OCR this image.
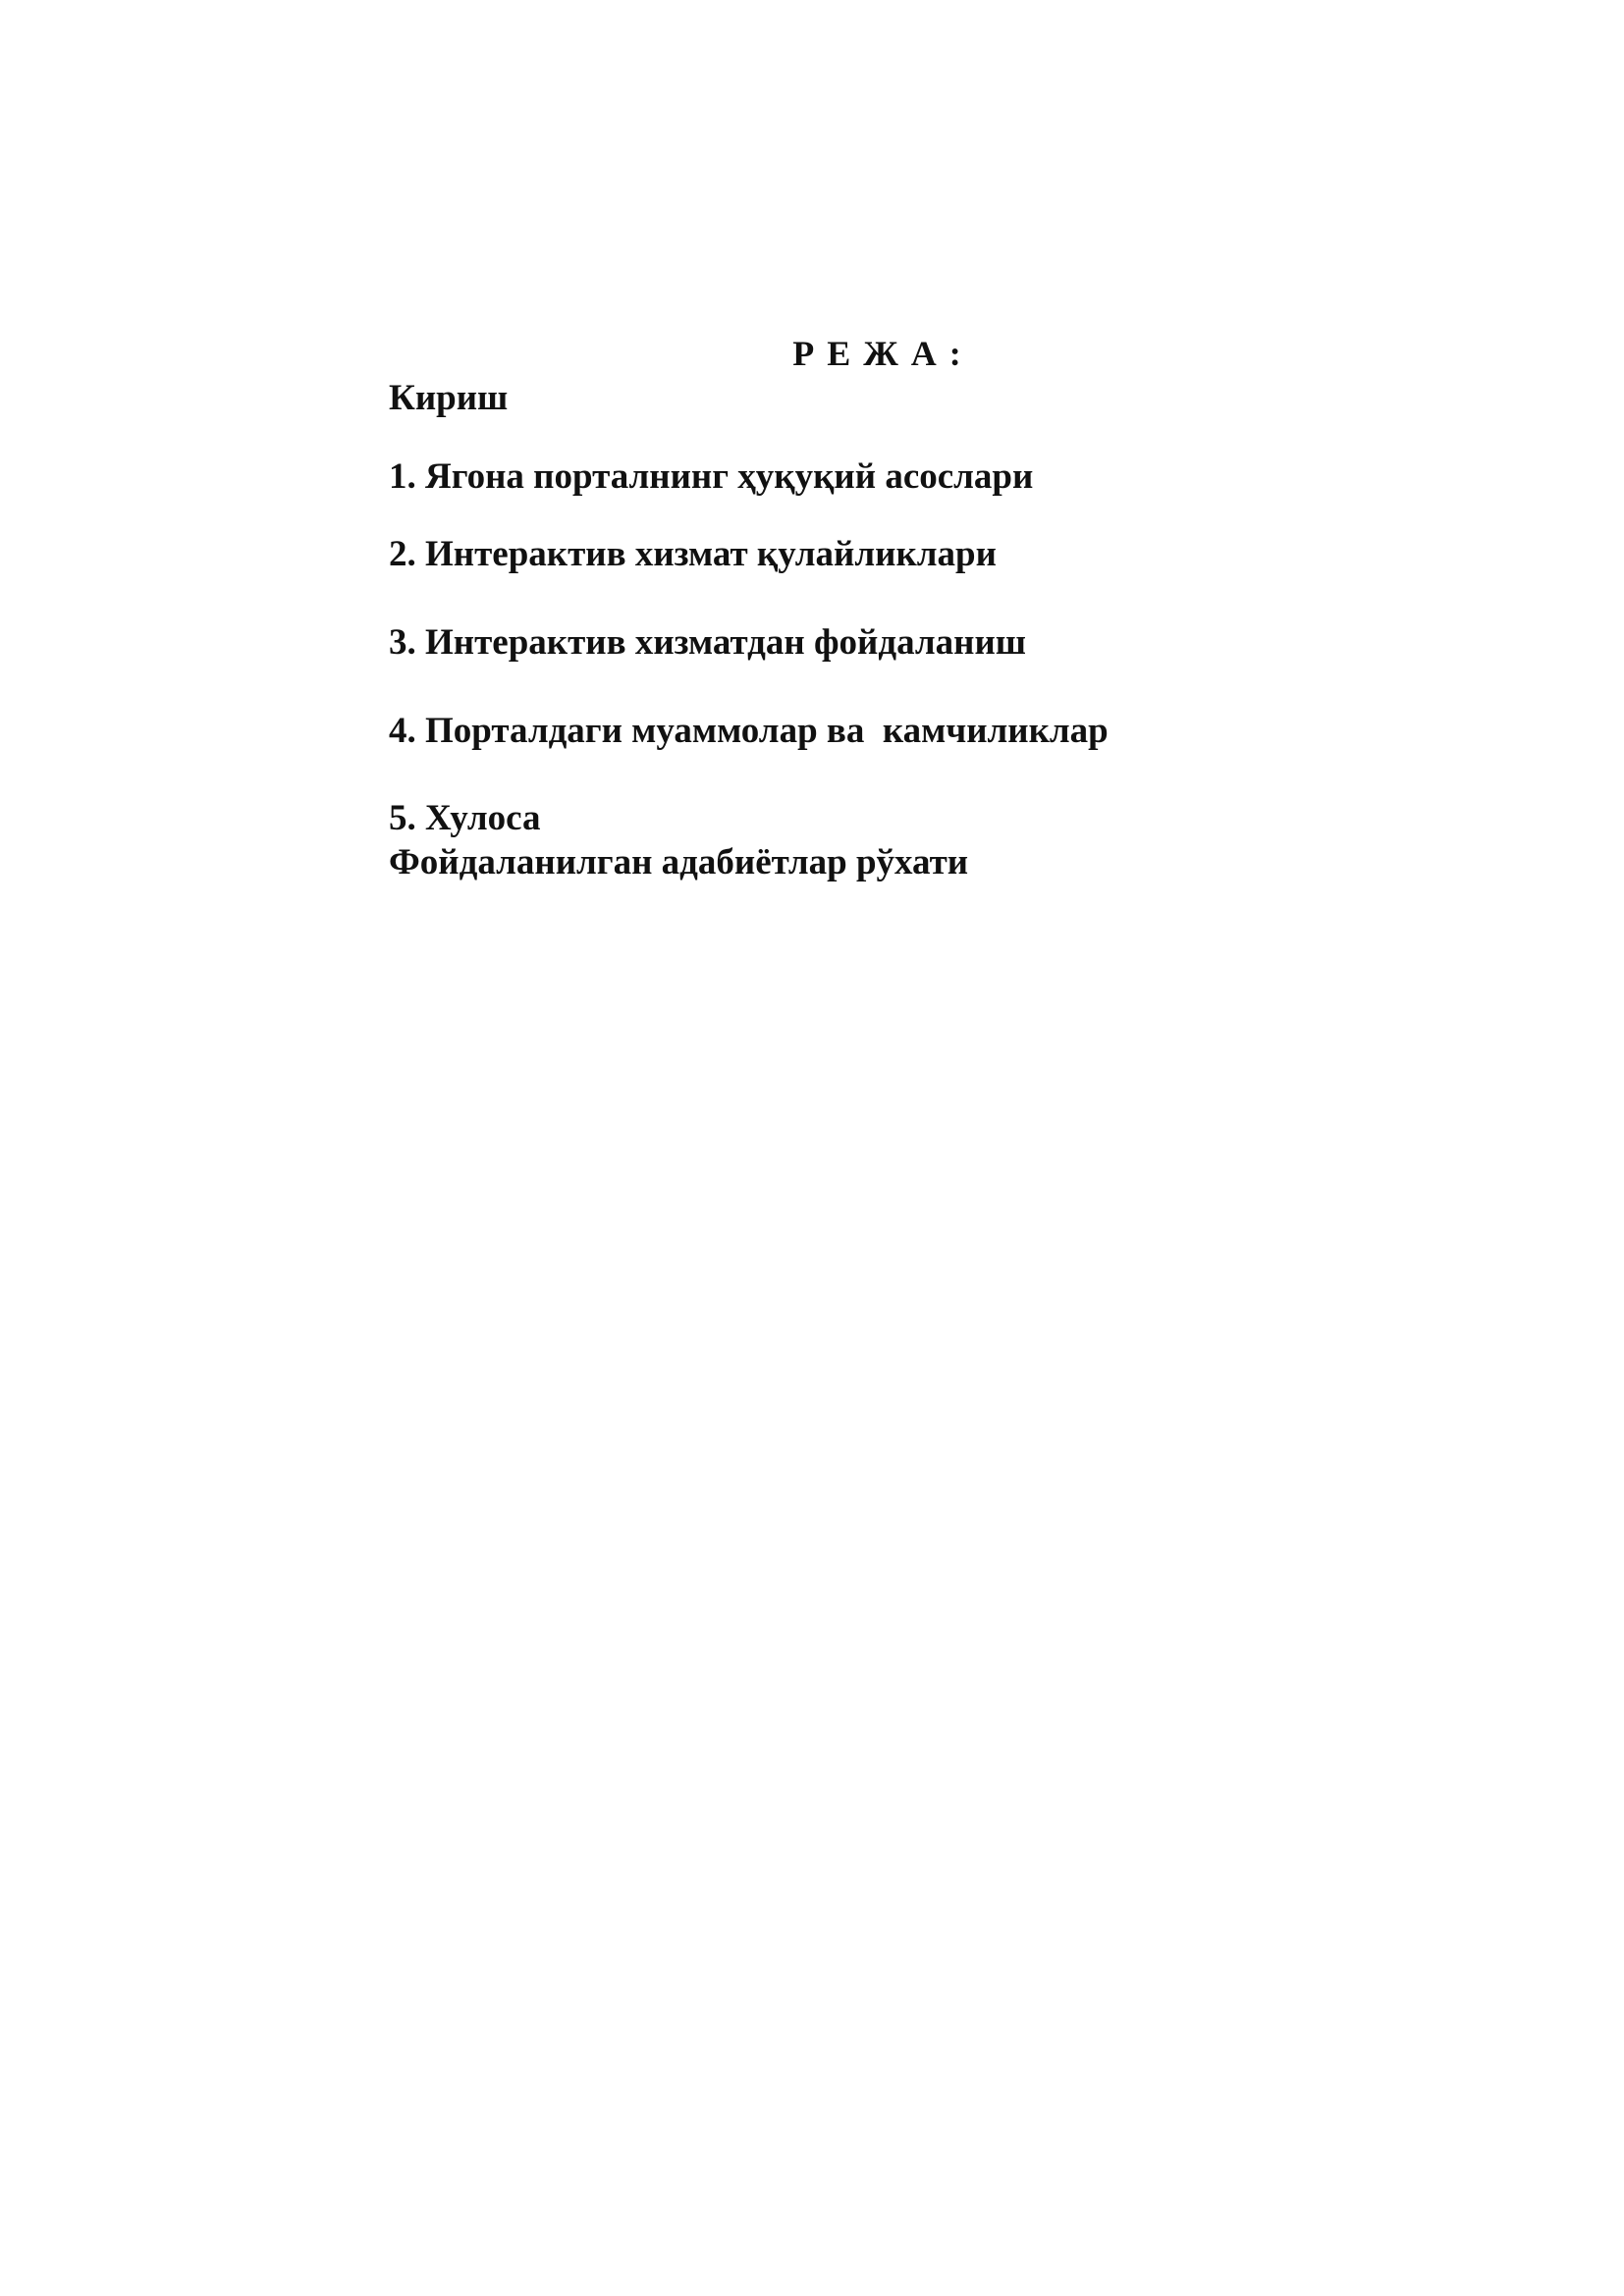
Р Е Ж А :
Кириш
1. Ягона порталнинг ҳуқуқий асослари
2. Интерактив хизмат қулайликлари
3. Интерактив хизматдан фойдаланиш
4. Порталдаги муаммолар ва  камчиликлар
5. Хулоса
Фойдаланилган адабиётлар рўхати
